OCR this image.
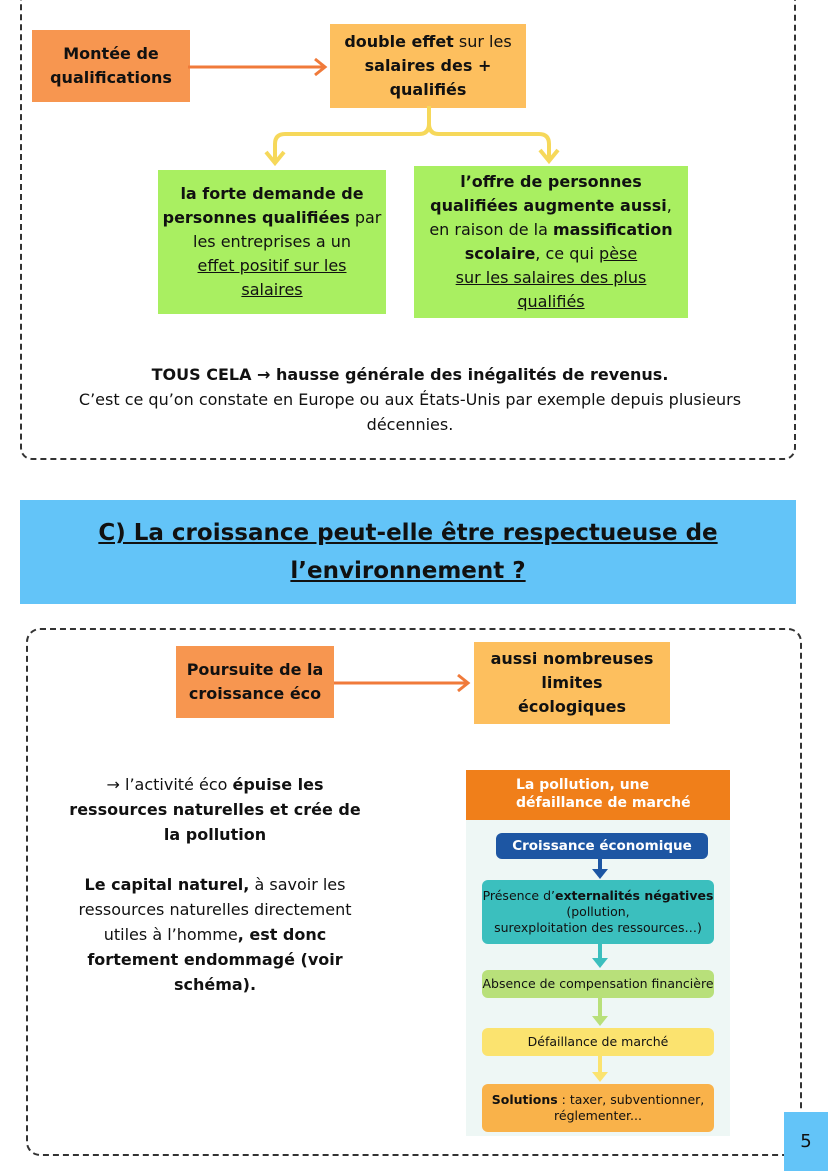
Montée de qualifications
double effet sur les
salaires des +
qualifiés
la forte demande de
personnes qualifiées par
les entreprises a un
effet positif sur les
salaires
l’offre de personnes
qualifiées augmente aussi,
en raison de la massification
scolaire, ce qui pèse
sur les salaires des plus
qualifiés
TOUS CELA → hausse générale des inégalités de revenus.
C’est ce qu’on constate en Europe ou aux États-Unis par exemple depuis plusieurs
décennies.
C) La croissance peut-elle être respectueuse de
l’environnement ?
Poursuite de la croissance éco
aussi nombreuses limites écologiques
→ l’activité éco épuise les
ressources naturelles et crée de
la pollution
Le capital naturel, à savoir les
ressources naturelles directement
utiles à l’homme, est donc
fortement endommagé (voir
schéma).
La pollution, une défaillance de marché
Croissance économique
Présence d’externalités négatives
(pollution,
surexploitation des ressources…)
Absence de compensation financière
Défaillance de marché
Solutions : taxer, subventionner,
réglementer...
5
